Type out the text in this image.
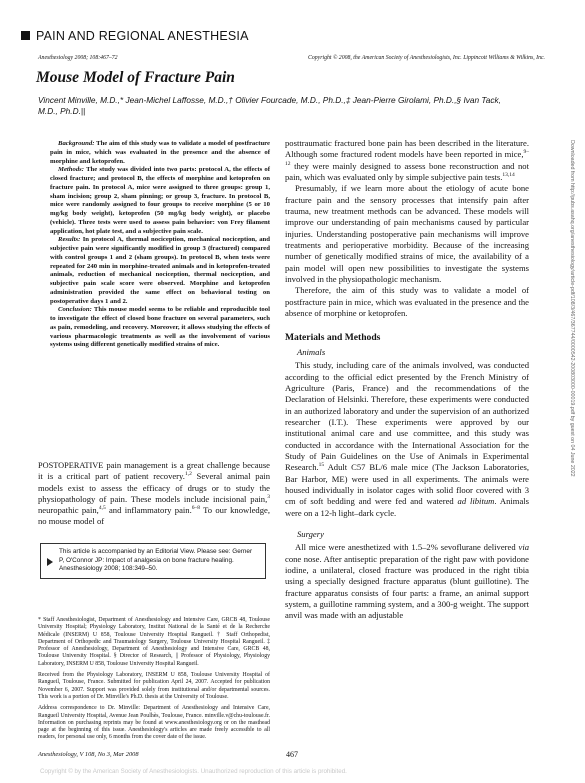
PAIN AND REGIONAL ANESTHESIA
Anesthesiology 2008; 108:467–72	Copyright © 2008, the American Society of Anesthesiologists, Inc. Lippincott Williams & Wilkins, Inc.
Mouse Model of Fracture Pain
Vincent Minville, M.D.,* Jean-Michel Laffosse, M.D.,† Olivier Fourcade, M.D., Ph.D.,‡ Jean-Pierre Girolami, Ph.D.,§ Ivan Tack, M.D., Ph.D.||

Background: The aim of this study was to validate a model of postfracture pain in mice, which was evaluated in the presence and the absence of morphine and ketoprofen.

Methods: The study was divided into two parts: protocol A, the effects of closed fracture; and protocol B, the effects of morphine and ketoprofen on fracture pain. In protocol A, mice were assigned to three groups: group 1, sham incision; group 2, sham pinning; or group 3, fracture. In protocol B, mice were randomly assigned to four groups to receive morphine (5 or 10 mg/kg body weight), ketoprofen (50 mg/kg body weight), or placebo (vehicle). Three tests were used to assess pain behavior: von Frey filament application, hot plate test, and a subjective pain scale.

Results: In protocol A, thermal nociception, mechanical nociception, and subjective pain were significantly modified in group 3 (fractured) compared with control groups 1 and 2 (sham groups). In protocol B, when tests were repeated for 240 min in morphine-treated animals and in ketoprofen-treated animals, reduction of mechanical nociception, thermal nociception, and subjective pain scale score were observed. Morphine and ketoprofen administration provided the same effect on behavioral testing on postoperative days 1 and 2.

Conclusion: This mouse model seems to be reliable and reproducible tool to investigate the effect of closed bone fracture on several parameters, such as pain, remodeling, and recovery. Moreover, it allows studying the effects of various pharmacologic treatments as well as the involvement of various systems using different genetically modified strains of mice.

POSTOPERATIVE pain management is a great challenge because it is a critical part of patient recovery.$^{1,2}$ Several animal pain models exist to assess the efficacy of drugs or to study the physiopathology of pain. These models include incisional pain,$^3$ neuropathic pain,$^{4,5}$ and inflammatory pain.$^{6-8}$ To our knowledge, no mouse model of

This article is accompanied by an Editorial View. Please see: Gerner P, O'Connor JP: Impact of analgesia on bone fracture healing. Anesthesiology 2008; 108:349–50.

* Staff Anesthesiologist, Department of Anesthesiology and Intensive Care, GRCB 48, Toulouse University Hospital; Physiology Laboratory, Institut National de la Santé et de la Recherche Médicale (INSERM) U 858, Toulouse University Hospital Rangueil. † Staff Orthopedist, Department of Orthopedic and Traumatology Surgery, Toulouse University Hospital Rangueil. ‡ Professor of Anesthesiology, Department of Anesthesiology and Intensive Care, GRCB 48, Toulouse University Hospital. § Director of Research, || Professor of Physiology, Physiology Laboratory, INSERM U 858, Toulouse University Hospital Rangueil.

Received from the Physiology Laboratory, INSERM U 858, Toulouse University Hospital of Rangueil, Toulouse, France. Submitted for publication April 24, 2007. Accepted for publication November 6, 2007. Support was provided solely from institutional and/or departmental sources. This work is a portion of Dr. Minville's Ph.D. thesis at the University of Toulouse.

Address correspondence to Dr. Minville: Department of Anesthesiology and Intensive Care, Rangueil University Hospital, Avenue Jean Poulhès, Toulouse, France. minville.v@chu-toulouse.fr. Information on purchasing reprints may be found at www.anesthesiology.org or on the masthead page at the beginning of this issue. Anesthesiology's articles are made freely accessible to all readers, for personal use only, 6 months from the cover date of the issue.

Anesthesiology, V 108, No 3, Mar 2008	467

posttraumatic fractured bone pain has been described in the literature. Although some fractured rodent models have been reported in mice,$^{9-12}$ they were mainly designed to assess bone reconstruction and not pain, which was evaluated only by simple subjective pain tests.$^{13,14}$

Presumably, if we learn more about the etiology of acute bone fracture pain and the sensory processes that intensify pain after trauma, new treatment methods can be advanced. These models will improve our understanding of pain mechanisms caused by particular injuries. Understanding postoperative pain mechanisms will improve treatments and perioperative morbidity. Because of the increasing number of genetically modified strains of mice, the availability of a pain model will open new possibilities to investigate the systems involved in the physiopathologic mechanism.

Therefore, the aim of this study was to validate a model of postfracture pain in mice, which was evaluated in the presence and the absence of morphine or ketoprofen.

Materials and Methods
Animals

This study, including care of the animals involved, was conducted according to the official edict presented by the French Ministry of Agriculture (Paris, France) and the recommendations of the Declaration of Helsinki. Therefore, these experiments were conducted in an authorized laboratory and under the supervision of an authorized researcher (I.T.). These experiments were approved by our institutional animal care and use committee, and this study was conducted in accordance with the International Association for the Study of Pain Guidelines on the Use of Animals in Experimental Research.$^{15}$ Adult C57 BL/6 male mice (The Jackson Laboratories, Bar Harbor, ME) were used in all experiments. The animals were housed individually in isolator cages with solid floor covered with 3 cm of soft bedding and were fed and watered ad libitum. Animals were on a 12-h light–dark cycle.

Surgery

All mice were anesthetized with 1.5–2% sevoflurane delivered via cone nose. After antiseptic preparation of the right paw with povidone iodine, a unilateral, closed fracture was produced in the right tibia using a specially designed fracture apparatus (blunt guillotine). The fracture apparatus consists of four parts: a frame, an animal support system, a guillotine ramming system, and a 300-g weight. The support anvil was made with an adjustable

Downloaded from http://pubs.asahq.org/anesthesiology/article-pdf/108/3/467/367744/0000542-200803000-00019.pdf by guest on 04 June 2022
Copyright © by the American Society of Anesthesiologists. Unauthorized reproduction of this article is prohibited.
